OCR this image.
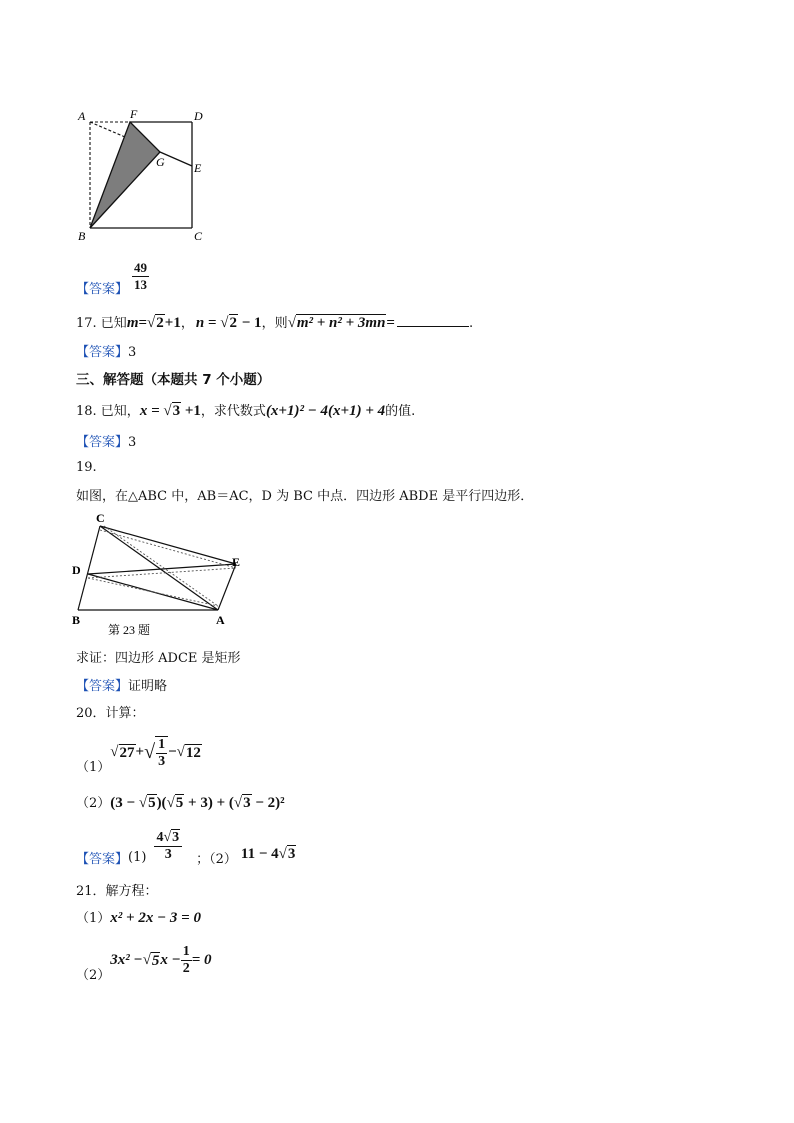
A	F	D
G E
B	C
【答案】 $\frac{49}{13}$
17. 已知 m=√2+1 ， n = √2 − 1 ，则 √m² + n² + 3mn =	.
【答案】3
三、解答题（本题共 7 个小题）
18. 已知， x = √3 +1 ，求代数式 (x+1)² − 4(x+1) + 4 的值.
【答案】3
19.
如图，在△ABC 中，AB＝AC，D 为 BC 中点．四边形 ABDE 是平行四边形．
C
D
E
B	A
第 23 题
求证：四边形 ADCE 是矩形
【答案】证明略
20．计算：
（1）
√ 27 + √ $\frac{1}{3}$ − √ 12
（2） (3 − √5)(√5 + 3) + (√3 − 2)²
【答案】 $(1) \frac{4√3}{3}$ ；（2） 11 − 4√3
21．解方程：
（1） x² + 2x − 3 = 0
（2）
3x² − √ 5 $x - \frac{1}{2} = 0$
